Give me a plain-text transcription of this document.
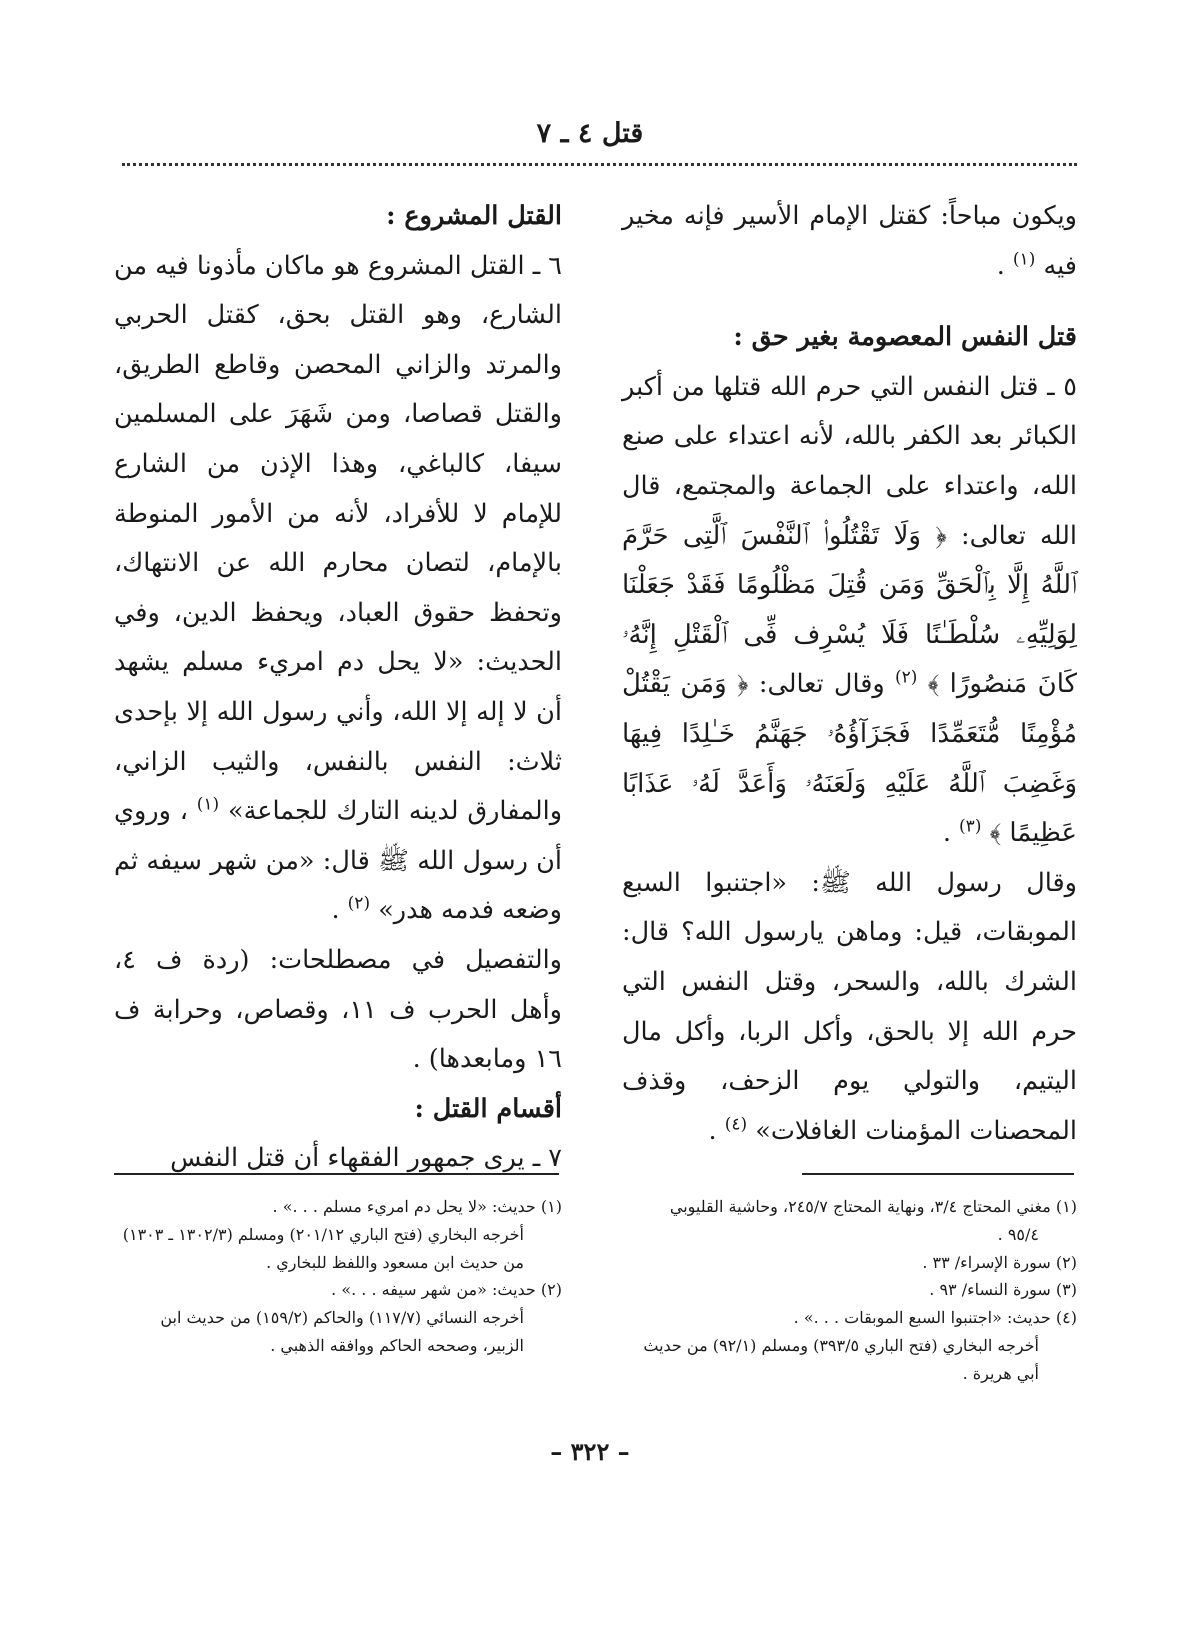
قتل ٤ ـ ٧

ويكون مباحاً: كقتل الإمام الأسير فإنه مخير فيه $^{(١)}$ .

قتل النفس المعصومة بغير حق :

٥ ـ قتل النفس التي حرم الله قتلها من أكبر الكبائر بعد الكفر بالله، لأنه اعتداء على صنع الله، واعتداء على الجماعة والمجتمع، قال الله تعالى: ﴿ وَلَا تَقْتُلُوا۟ ٱلنَّفْسَ ٱلَّتِى حَرَّمَ ٱللَّهُ إِلَّا بِٱلْحَقِّ وَمَن قُتِلَ مَظْلُومًا فَقَدْ جَعَلْنَا لِوَلِيِّهِۦ سُلْطَـٰنًا فَلَا يُسْرِف فِّى ٱلْقَتْلِ إِنَّهُۥ كَانَ مَنصُورًا ﴾ $^{(٢)}$ وقال تعالى: ﴿ وَمَن يَقْتُلْ مُؤْمِنًا مُّتَعَمِّدًا فَجَزَآؤُهُۥ جَهَنَّمُ خَـٰلِدًا فِيهَا وَغَضِبَ ٱللَّهُ عَلَيْهِ وَلَعَنَهُۥ وَأَعَدَّ لَهُۥ عَذَابًا عَظِيمًا ﴾ $^{(٣)}$ .

وقال رسول الله ﷺ: «اجتنبوا السبع الموبقات، قيل: وماهن يارسول الله؟ قال: الشرك بالله، والسحر، وقتل النفس التي حرم الله إلا بالحق، وأكل الربا، وأكل مال اليتيم، والتولي يوم الزحف، وقذف المحصنات المؤمنات الغافلات» $^{(٤)}$ .

القتل المشروع :

٦ ـ القتل المشروع هو ماكان مأذونا فيه من الشارع، وهو القتل بحق، كقتل الحربي والمرتد والزاني المحصن وقاطع الطريق، والقتل قصاصا، ومن شَهَرَ على المسلمين سيفا، كالباغي، وهذا الإذن من الشارع للإمام لا للأفراد، لأنه من الأمور المنوطة بالإمام، لتصان محارم الله عن الانتهاك، وتحفظ حقوق العباد، ويحفظ الدين، وفي الحديث: «لا يحل دم امريء مسلم يشهد أن لا إله إلا الله، وأني رسول الله إلا بإحدى ثلاث: النفس بالنفس، والثيب الزاني، والمفارق لدينه التارك للجماعة» $^{(١)}$ ، وروي أن رسول الله ﷺ قال: «من شهر سيفه ثم وضعه فدمه هدر» $^{(٢)}$ .

والتفصيل في مصطلحات: (ردة ف ٤، وأهل الحرب ف ١١، وقصاص، وحرابة ف ١٦ ومابعدها) .

أقسام القتل :

٧ ـ يرى جمهور الفقهاء أن قتل النفس

(١) مغني المحتاج ٣/٤، ونهاية المحتاج ٢٤٥/٧، وحاشية القليوبي
٩٥/٤ .
(٢) سورة الإسراء/ ٣٣ .
(٣) سورة النساء/ ٩٣ .
(٤) حديث: «اجتنبوا السبع الموبقات . . .» .
أخرجه البخاري (فتح الباري ٣٩٣/٥) ومسلم (٩٢/١) من حديث أبي هريرة .
(١) حديث: «لا يحل دم امريء مسلم . . .» .
أخرجه البخاري (فتح الباري ٢٠١/١٢) ومسلم (١٣٠٢/٣ ـ ١٣٠٣) من حديث ابن مسعود واللفظ للبخاري .
(٢) حديث: «من شهر سيفه . . .» .
أخرجه النسائي (١١٧/٧) والحاكم (١٥٩/٢) من حديث ابن الزبير، وصححه الحاكم ووافقه الذهبي .
– ٣٢٢ –
